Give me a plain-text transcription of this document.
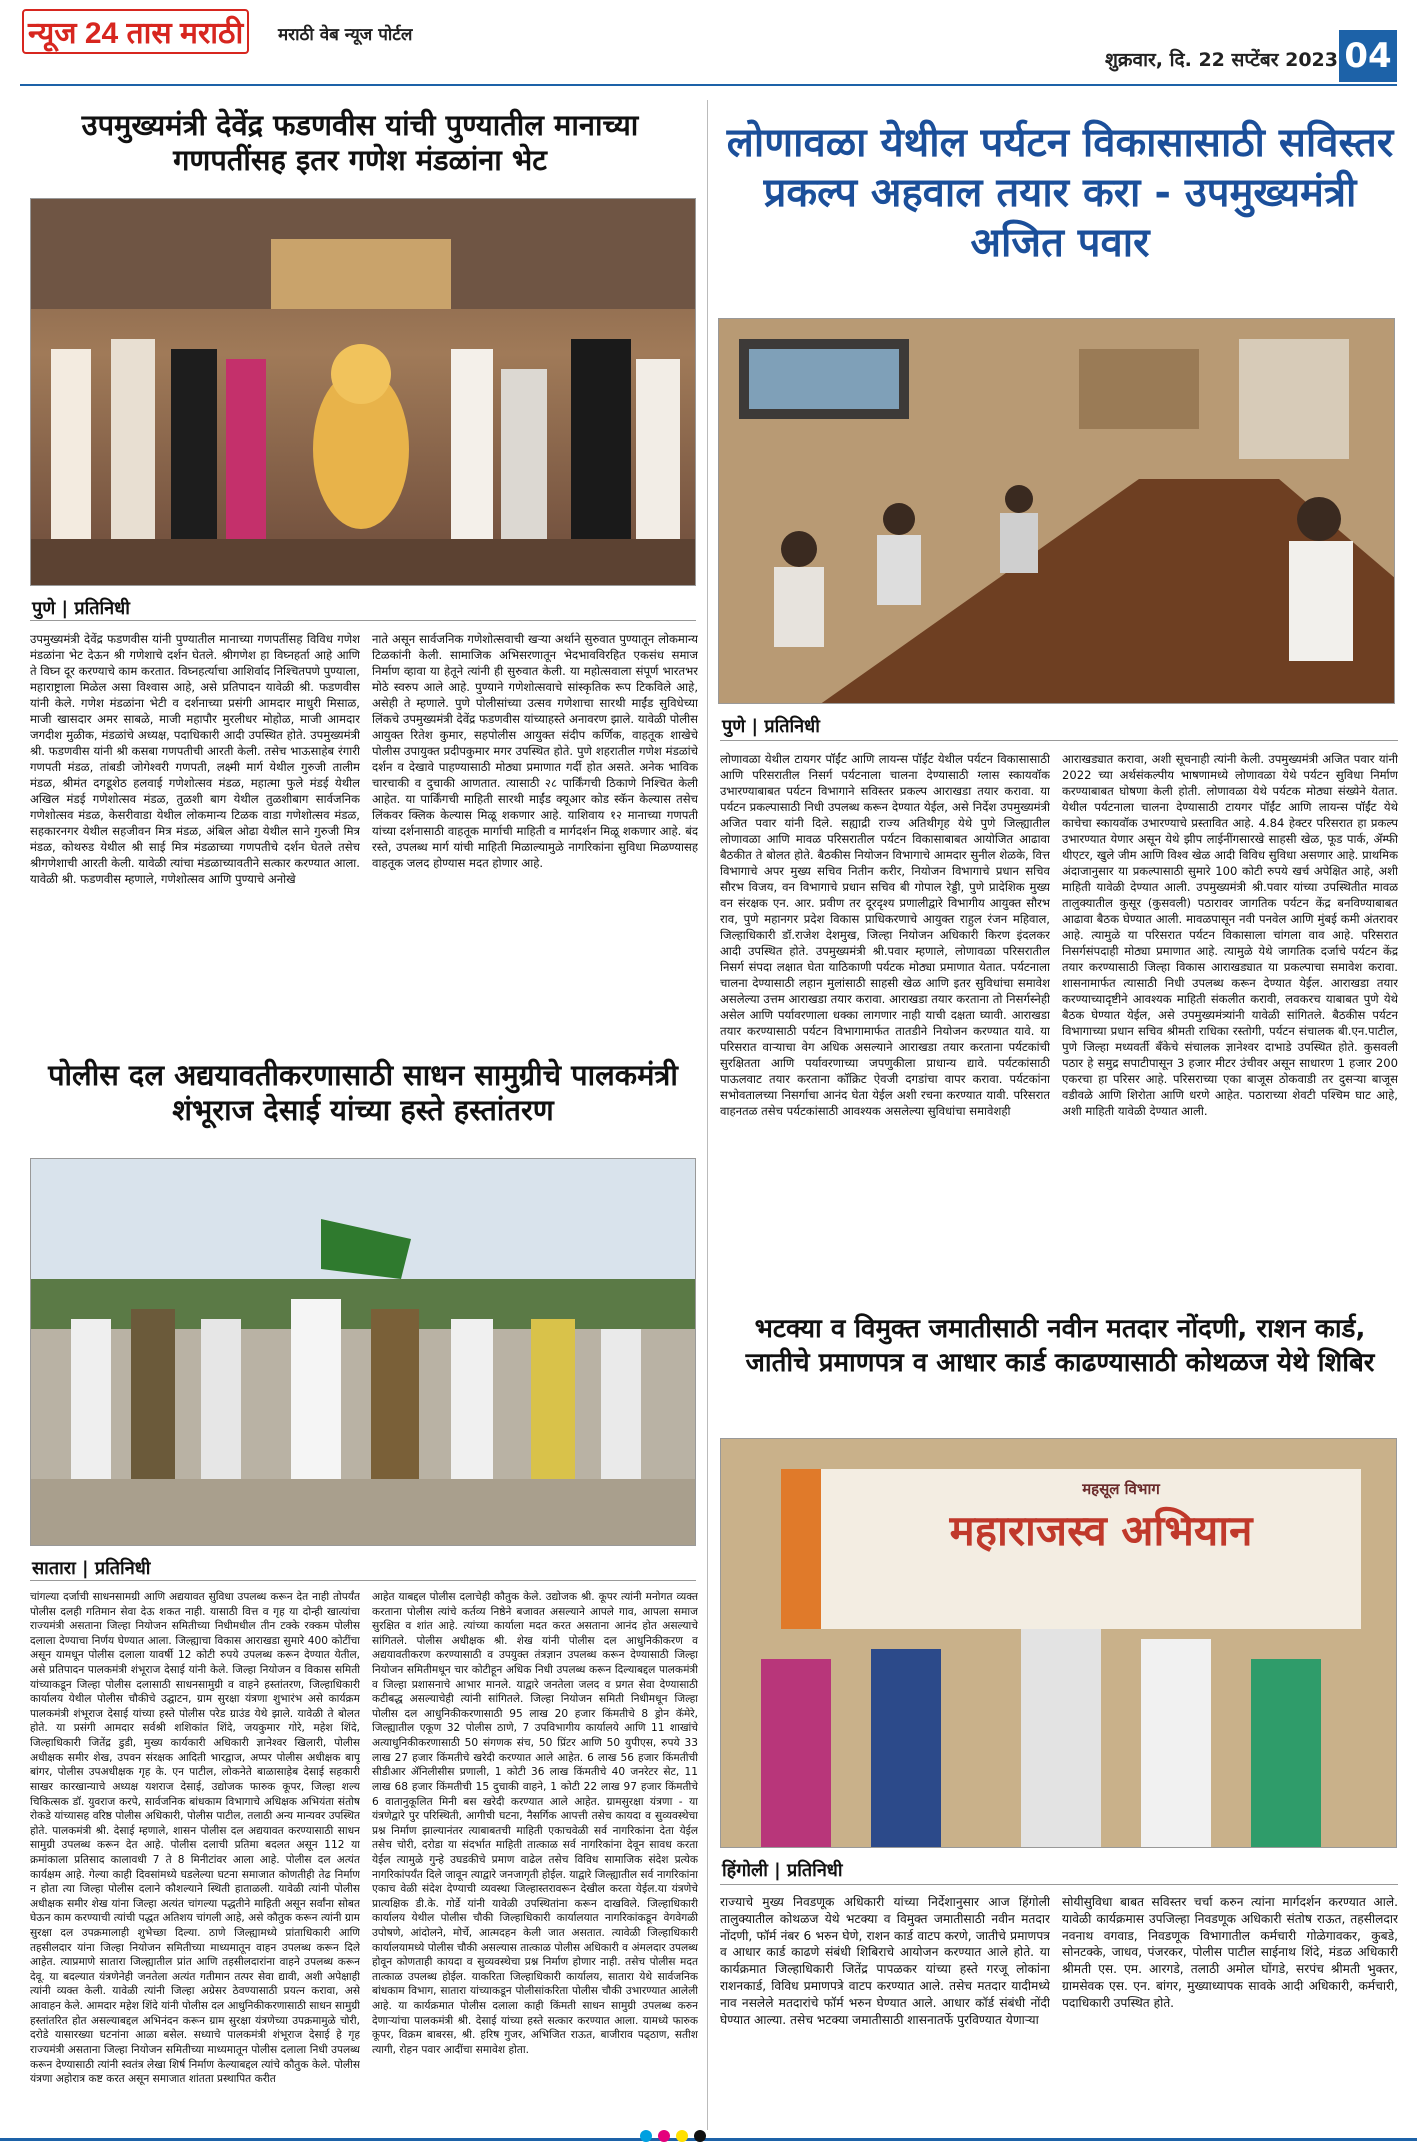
न्यूज 24 तास मराठी	मराठी वेब न्यूज पोर्टल
शुक्रवार, दि. 22 सप्टेंबर 2023 04
उपमुख्यमंत्री देवेंद्र फडणवीस यांची पुण्यातील मानाच्या गणपतींसह इतर गणेश मंडळांना भेट
पुणे | प्रतिनिधी
उपमुख्यमंत्री देवेंद्र फडणवीस यांनी पुण्यातील मानाच्या गणपतींसह विविध गणेश मंडळांना भेट देऊन श्री गणेशाचे दर्शन घेतले. श्रीगणेश हा विघ्नहर्ता आहे आणि ते विघ्न दूर करण्याचे काम करतात. विघ्नहर्त्याचा आशिर्वाद निश्चितपणे पुण्याला, महाराष्ट्राला मिळेल असा विश्वास आहे, असे प्रतिपादन यावेळी श्री. फडणवीस यांनी केले. गणेश मंडळांना भेटी व दर्शनाच्या प्रसंगी आमदार माधुरी मिसाळ, माजी खासदार अमर साबळे, माजी महापौर मुरलीधर मोहोळ, माजी आमदार जगदीश मुळीक, मंडळांचे अध्यक्ष, पदाधिकारी आदी उपस्थित होते. उपमुख्यमंत्री श्री. फडणवीस यांनी श्री कसबा गणपतीची आरती केली. तसेच भाऊसाहेब रंगारी गणपती मंडळ, तांबडी जोगेश्वरी गणपती, लक्ष्मी मार्ग येथील गुरुजी तालीम मंडळ, श्रीमंत दगडूशेठ हलवाई गणेशोत्सव मंडळ, महात्मा फुले मंडई येथील अखिल मंडई गणेशोत्सव मंडळ, तुळशी बाग येथील तुळशीबाग सार्वजनिक गणेशोत्सव मंडळ, केसरीवाडा येथील लोकमान्य टिळक वाडा गणेशोत्सव मंडळ, सहकारनगर येथील सहजीवन मित्र मंडळ, अंबिल ओढा येथील साने गुरुजी मित्र मंडळ, कोथरुड येथील श्री साई मित्र मंडळाच्या गणपतीचे दर्शन घेतले तसेच श्रीगणेशाची आरती केली. यावेळी त्यांचा मंडळाच्यावतीने सत्कार करण्यात आला. यावेळी श्री. फडणवीस म्हणाले, गणेशोत्सव आणि पुण्याचे अनोखे
नाते असून सार्वजनिक गणेशोत्सवाची खऱ्या अर्थाने सुरुवात पुण्यातून लोकमान्य टिळकांनी केली. सामाजिक अभिसरणातून भेदभावविरहित एकसंध समाज निर्माण व्हावा या हेतूने त्यांनी ही सुरुवात केली. या महोत्सवाला संपूर्ण भारतभर मोठे स्वरुप आले आहे. पुण्याने गणेशोत्सवाचे सांस्कृतिक रूप टिकविले आहे, असेही ते म्हणाले. पुणे पोलीसांच्या उत्सव गणेशाचा सारथी माईंड सुविधेच्या लिंकचे उपमुख्यमंत्री देवेंद्र फडणवीस यांच्याहस्ते अनावरण झाले. यावेळी पोलीस आयुक्त रितेश कुमार, सहपोलीस आयुक्त संदीप कर्णिक, वाहतूक शाखेचे पोलीस उपायुक्त प्रदीपकुमार मगर उपस्थित होते. पुणे शहरातील गणेश मंडळांचे दर्शन व देखावे पाहण्यासाठी मोठ्या प्रमाणात गर्दी होत असते. अनेक भाविक चारचाकी व दुचाकी आणतात. त्यासाठी २८ पार्किंगची ठिकाणे निश्चित केली आहेत. या पार्किंगची माहिती सारथी माईंड क्यूआर कोड स्कॅन केल्यास तसेच लिंकवर क्लिक केल्यास मिळू शकणार आहे. याशिवाय १२ मानाच्या गणपती यांच्या दर्शनासाठी वाहतूक मार्गाची माहिती व मार्गदर्शन मिळू शकणार आहे. बंद रस्ते, उपलब्ध मार्ग यांची माहिती मिळाल्यामुळे नागरिकांना सुविधा मिळण्यासह वाहतूक जलद होण्यास मदत होणार आहे.
लोणावळा येथील पर्यटन विकासासाठी सविस्तर प्रकल्प अहवाल तयार करा - उपमुख्यमंत्री अजित पवार
पुणे | प्रतिनिधी
लोणावळा येथील टायगर पॉईंट आणि लायन्स पॉईंट येथील पर्यटन विकासासाठी आणि परिसरातील निसर्ग पर्यटनाला चालना देण्यासाठी ग्लास स्कायवॉक उभारण्याबाबत पर्यटन विभागाने सविस्तर प्रकल्प आराखडा तयार करावा. या पर्यटन प्रकल्पासाठी निधी उपलब्ध करून देण्यात येईल, असे निर्देश उपमुख्यमंत्री अजित पवार यांनी दिले. सह्याद्री राज्य अतिथीगृह येथे पुणे जिल्ह्यातील लोणावळा आणि मावळ परिसरातील पर्यटन विकासाबाबत आयोजित आढावा बैठकीत ते बोलत होते. बैठकीस नियोजन विभागाचे आमदार सुनील शेळके, वित्त विभागाचे अपर मुख्य सचिव नितीन करीर, नियोजन विभागाचे प्रधान सचिव सौरभ विजय, वन विभागाचे प्रधान सचिव बी गोपाल रेड्डी, पुणे प्रादेशिक मुख्य वन संरक्षक एन. आर. प्रवीण तर दूरदृश्य प्रणालीद्वारे विभागीय आयुक्त सौरभ राव, पुणे महानगर प्रदेश विकास प्राधिकरणाचे आयुक्त राहुल रंजन महिवाल, जिल्हाधिकारी डॉ.राजेश देशमुख, जिल्हा नियोजन अधिकारी किरण इंदलकर आदी उपस्थित होते. उपमुख्यमंत्री श्री.पवार म्हणाले, लोणावळा परिसरातील निसर्ग संपदा लक्षात घेता याठिकाणी पर्यटक मोठ्या प्रमाणात येतात. पर्यटनाला चालना देण्यासाठी लहान मुलांसाठी साहसी खेळ आणि इतर सुविधांचा समावेश असलेल्या उत्तम आराखडा तयार करावा. आराखडा तयार करताना तो निसर्गस्नेही असेल आणि पर्यावरणाला धक्का लागणार नाही याची दक्षता घ्यावी. आराखडा तयार करण्यासाठी पर्यटन विभागामार्फत तातडीने नियोजन करण्यात यावे. या परिसरात वाऱ्याचा वेग अधिक असल्याने आराखडा तयार करताना पर्यटकांची सुरक्षितता आणि पर्यावरणाच्या जपणुकीला प्राधान्य द्यावे. पर्यटकांसाठी पाऊलवाट तयार करताना कॉक्रिट ऐवजी दगडांचा वापर करावा. पर्यटकांना सभोवतालच्या निसर्गाचा आनंद घेता येईल अशी रचना करण्यात यावी. परिसरात वाहनतळ तसेच पर्यटकांसाठी आवश्यक असलेल्या सुविधांचा समावेशही
आराखड्यात करावा, अशी सूचनाही त्यांनी केली. उपमुख्यमंत्री अजित पवार यांनी 2022 च्या अर्थसंकल्पीय भाषणामध्ये लोणावळा येथे पर्यटन सुविधा निर्माण करण्याबाबत घोषणा केली होती. लोणावळा येथे पर्यटक मोठ्या संख्येने येतात. येथील पर्यटनाला चालना देण्यासाठी टायगर पॉईंट आणि लायन्स पॉईंट येथे काचेचा स्कायवॉक उभारण्याचे प्रस्तावित आहे. 4.84 हेक्टर परिसरात हा प्रकल्प उभारण्यात येणार असून येथे झीप लाईनींगसारखे साहसी खेळ, फूड पार्क, ॲम्फी थीएटर, खुले जीम आणि विश्व खेळ आदी विविध सुविधा असणार आहे. प्राथमिक अंदाजानुसार या प्रकल्पासाठी सुमारे 100 कोटी रुपये खर्च अपेक्षित आहे, अशी माहिती यावेळी देण्यात आली. उपमुख्यमंत्री श्री.पवार यांच्या उपस्थितीत मावळ तालुक्यातील कुसूर (कुसवली) पठारावर जागतिक पर्यटन केंद्र बनविण्याबाबत आढावा बैठक घेण्यात आली. मावळपासून नवी पनवेल आणि मुंबई कमी अंतरावर आहे. त्यामुळे या परिसरात पर्यटन विकासाला चांगला वाव आहे. परिसरात निसर्गसंपदाही मोठ्या प्रमाणात आहे. त्यामुळे येथे जागतिक दर्जाचे पर्यटन केंद्र तयार करण्यासाठी जिल्हा विकास आराखड्यात या प्रकल्पाचा समावेश करावा. शासनामार्फत त्यासाठी निधी उपलब्ध करून देण्यात येईल. आराखडा तयार करण्याच्यादृष्टीने आवश्यक माहिती संकलीत करावी, लवकरच याबाबत पुणे येथे बैठक घेण्यात येईल, असे उपमुख्यमंत्र्यांनी यावेळी सांगितले. बैठकीस पर्यटन विभागाच्या प्रधान सचिव श्रीमती राधिका रस्तोगी, पर्यटन संचालक बी.एन.पाटील, पुणे जिल्हा मध्यवर्ती बँकेचे संचालक ज्ञानेश्वर दाभाडे उपस्थित होते. कुसवली पठार हे समुद्र सपाटीपासून 3 हजार मीटर उंचीवर असून साधारण 1 हजार 200 एकरचा हा परिसर आहे. परिसराच्या एका बाजूस ठोकवाडी तर दुसऱ्या बाजूस वडीवळे आणि शिरोता आणि धरणे आहेत. पठाराच्या शेवटी पश्चिम घाट आहे, अशी माहिती यावेळी देण्यात आली.
पोलीस दल अद्ययावतीकरणासाठी साधन सामुग्रीचे पालकमंत्री शंभूराज देसाई यांच्या हस्ते हस्तांतरण
सातारा | प्रतिनिधी
चांगल्या दर्जाची साधनसामग्री आणि अद्ययावत सुविधा उपलब्ध करून देत नाही तोपर्यंत पोलीस दलही गतिमान सेवा देऊ शकत नाही. यासाठी वित्त व गृह या दोन्ही खात्यांचा राज्यमंत्री असताना जिल्हा नियोजन समितीच्या निधीमधील तीन टक्के रक्कम पोलीस दलाला देण्याचा निर्णय घेण्यात आला. जिल्ह्याचा विकास आराखडा सुमारे 400 कोटींचा असून यामधून पोलीस दलाला यावर्षी 12 कोटी रुपये उपलब्ध करून देण्यात येतील, असे प्रतिपादन पालकमंत्री शंभूराज देसाई यांनी केले. जिल्हा नियोजन व विकास समिती यांच्याकडून जिल्हा पोलीस दलासाठी साधनसामुग्री व वाहने हस्तांतरण, जिल्हाधिकारी कार्यालय येथील पोलीस चौकीचे उद्घाटन, ग्राम सुरक्षा यंत्रणा शुभारंभ असे कार्यक्रम पालकमंत्री शंभूराज देसाई यांच्या हस्ते पोलीस परेड ग्राउंड येथे झाले. यावेळी ते बोलत होते. या प्रसंगी आमदार सर्वश्री शशिकांत शिंदे, जयकुमार गोरे, महेश शिंदे, जिल्हाधिकारी जितेंद्र डुडी, मुख्य कार्यकारी अधिकारी ज्ञानेश्वर खिलारी, पोलीस अधीक्षक समीर शेख, उपवन संरक्षक आदिती भारद्वाज, अप्पर पोलीस अधीक्षक बापू बांगर, पोलीस उपअधीक्षक गृह के. एन पाटील, लोकनेते बाळासाहेब देसाई सहकारी साखर कारखान्याचे अध्यक्ष यशराज देसाई, उद्योजक फारुक कूपर, जिल्हा शल्य चिकित्सक डॉ. युवराज करपे, सार्वजनिक बांधकाम विभागाचे अधिक्षक अभियंता संतोष रोकडे यांच्यासह वरिष्ठ पोलीस अधिकारी, पोलीस पाटील, तलाठी अन्य मान्यवर उपस्थित होते. पालकमंत्री श्री. देसाई म्हणाले, शासन पोलीस दल अद्ययावत करण्यासाठी साधन सामुग्री उपलब्ध करून देत आहे. पोलीस दलाची प्रतिमा बदलत असून 112 या क्रमांकाला प्रतिसाद कालावधी 7 ते 8 मिनीटांवर आला आहे. पोलीस दल अत्यंत कार्यक्षम आहे. गेल्या काही दिवसांमध्ये घडलेल्या घटना समाजात कोणतीही तेढ निर्माण न होता त्या जिल्हा पोलीस दलाने कौशल्याने स्थिती हाताळली. यावेळी त्यांनी पोलीस अधीक्षक समीर शेख यांना जिल्हा अत्यंत चांगल्या पद्धतीने माहिती असून सर्वांना सोबत घेऊन काम करण्याची त्यांची पद्धत अतिशय चांगली आहे, असे कौतुक करून त्यांनी ग्राम सुरक्षा दल उपक्रमालाही शुभेच्छा दिल्या. ठाणे जिल्ह्यामध्ये प्रांताधिकारी आणि तहसीलदार यांना जिल्हा नियोजन समितीच्या माध्यमातून वाहन उपलब्ध करून दिले आहेत. त्याप्रमाणे सातारा जिल्ह्यातील प्रांत आणि तहसीलदारांना वाहने उपलब्ध करून देवू. या बदल्यात यंत्रणेनेही जनतेला अत्यंत गतीमान तत्पर सेवा द्यावी, अशी अपेक्षाही त्यांनी व्यक्त केली. यावेळी त्यांनी जिल्हा अग्रेसर ठेवण्यासाठी प्रयत्न करावा, असे आवाहन केले. आमदार महेश शिंदे यांनी पोलीस दल आधुनिकीकरणासाठी साधन सामुग्री हस्तांतरित होत असल्याबद्दल अभिनंदन करून ग्राम सुरक्षा यंत्रणेच्या उपक्रमामुळे चोरी, दरोडे यासारख्या घटनांना आळा बसेल. सध्याचे पालकमंत्री शंभूराज देसाई हे गृह राज्यमंत्री असताना जिल्हा नियोजन समितीच्या माध्यमातून पोलीस दलाला निधी उपलब्ध करून देण्यासाठी त्यांनी स्वतंत्र लेखा शिर्ष निर्माण केल्याबद्दल त्यांचे कौतुक केले. पोलीस यंत्रणा अहोरात्र कष्ट करत असून समाजात शांतता प्रस्थापित करीत
आहेत याबद्दल पोलीस दलाचेही कौतुक केले. उद्योजक श्री. कूपर त्यांनी मनोगत व्यक्त करताना पोलीस त्यांचे कर्तव्य निष्ठेने बजावत असल्याने आपले गाव, आपला समाज सुरक्षित व शांत आहे. त्यांच्या कार्याला मदत करत असताना आनंद होत असल्याचे सांगितले. पोलीस अधीक्षक श्री. शेख यांनी पोलीस दल आधुनिकीकरण व अद्ययावतीकरण करण्यासाठी व उपयुक्त तंत्रज्ञान उपलब्ध करून देण्यासाठी जिल्हा नियोजन समितीमधून चार कोटीहून अधिक निधी उपलब्ध करून दिल्याबद्दल पालकमंत्री व जिल्हा प्रशासनाचे आभार मानले. याद्वारे जनतेला जलद व प्रगत सेवा देण्यासाठी कटीबद्ध असल्याचेही त्यांनी सांगितले. जिल्हा नियोजन समिती निधीमधून जिल्हा पोलीस दल आधुनिकीकरणासाठी 95 लाख 20 हजार किंमतीचे 8 ड्रोन कॅमेरे, जिल्ह्यातील एकूण 32 पोलीस ठाणे, 7 उपविभागीय कार्यालये आणि 11 शाखांचे अत्याधुनिकीकरणासाठी 50 संगणक संच, 50 प्रिंटर आणि 50 युपीएस, रुपये 33 लाख 27 हजार किंमतीचे खरेदी करण्यात आले आहेत. 6 लाख 56 हजार किंमतीची सीडीआर ॲनिलीसीस प्रणाली, 1 कोटी 36 लाख किंमतीचे 40 जनरेटर सेट, 11 लाख 68 हजार किंमतीची 15 दुचाकी वाहने, 1 कोटी 22 लाख 97 हजार किंमतीचे 6 वातानुकूलित मिनी बस खरेदी करण्यात आले आहेत. ग्रामसुरक्षा यंत्रणा - या यंत्रणेद्वारे पुर परिस्थिती, आगीची घटना, नैसर्गिक आपत्ती तसेच कायदा व सुव्यवस्थेचा प्रश्न निर्माण झाल्यानंतर त्याबाबतची माहिती एकाचवेळी सर्व नागरिकांना देता येईल तसेच चोरी, दरोडा या संदर्भात माहिती तात्काळ सर्व नागरिकांना देवून सावध करता येईल त्यामुळे गुन्हे उघडकीचे प्रमाण वाढेल तसेच विविध सामाजिक संदेश प्रत्येक नागरिकांपर्यंत दिले जावून त्याद्वारे जनजागृती होईल. याद्वारे जिल्ह्यातील सर्व नागरिकांना एकाच वेळी संदेश देण्याची व्यवस्था जिल्हास्तरावरून देखील करता येईल.या यंत्रणेचे प्रात्यक्षिक डी.के. गोर्डे यांनी यावेळी उपस्थितांना करून दाखविले. जिल्हाधिकारी कार्यालय येथील पोलीस चौकी जिल्हाधिकारी कार्यालयात नागरिकांकडून वेगवेगळी उपोषणे, आंदोलने, मोर्चे, आत्मदहन केली जात असतात. त्यावेळी जिल्हाधिकारी कार्यालयामध्ये पोलीस चौकी असल्यास तात्काळ पोलीस अधिकारी व अंमलदार उपलब्ध होवून कोणताही कायदा व सुव्यवस्थेचा प्रश्न निर्माण होणार नाही. तसेच पोलीस मदत तात्काळ उपलब्ध होईल. याकरिता जिल्हाधिकारी कार्यालय, सातारा येथे सार्वजनिक बांधकाम विभाग, सातारा यांच्याकडून पोलीसांकरिता पोलीस चौकी उभारण्यात आलेली आहे. या कार्यक्रमात पोलीस दलाला काही किंमती साधन सामुग्री उपलब्ध करुन देणाऱ्यांचा पालकमंत्री श्री. देसाई यांच्या हस्ते सत्कार करण्यात आला. यामध्ये फारुक कूपर, विक्रम बाबरस, श्री. हरिष गुजर, अभिजित राऊत, बाजीराव पढ्ठाण, सतीश त्यागी, रोहन पवार आदींचा समावेश होता.
भटक्या व विमुक्त जमातीसाठी नवीन मतदार नोंदणी, राशन कार्ड, जातीचे प्रमाणपत्र व आधार कार्ड काढण्यासाठी कोथळज येथे शिबिर
महसूल विभाग
महाराजस्व अभियान
हिंगोली | प्रतिनिधी
राज्याचे मुख्य निवडणूक अधिकारी यांच्या निर्देशानुसार आज हिंगोली तालुक्यातील कोथळज येथे भटक्या व विमुक्त जमातीसाठी नवीन मतदार नोंदणी, फॉर्म नंबर 6 भरुन घेणे, राशन कार्ड वाटप करणे, जातीचे प्रमाणपत्र व आधार कार्ड काढणे संबंधी शिबिराचे आयोजन करण्यात आले होते. या कार्यक्रमात जिल्हाधिकारी जितेंद्र पापळकर यांच्या हस्ते गरजू लोकांना राशनकार्ड, विविध प्रमाणपत्रे वाटप करण्यात आले. तसेच मतदार यादीमध्ये नाव नसलेले मतदारांचे फॉर्म भरुन घेण्यात आले. आधार कॉर्ड संबंधी नोंदी घेण्यात आल्या. तसेच भटक्या जमातीसाठी शासनातर्फे पुरविण्यात येणाऱ्या
सोयीसुविधा बाबत सविस्तर चर्चा करुन त्यांना मार्गदर्शन करण्यात आले. यावेळी कार्यक्रमास उपजिल्हा निवडणूक अधिकारी संतोष राऊत, तहसीलदार नवनाथ वगवाड, निवडणूक विभागातील कर्मचारी गोळेगावकर, कुबडे, सोनटक्के, जाधव, पंजरकर, पोलीस पाटील साईनाथ शिंदे, मंडळ अधिकारी श्रीमती एस. एम. आरगडे, तलाठी अमोल घोंगडे, सरपंच श्रीमती भुक्तर, ग्रामसेवक एस. एन. बांगर, मुख्याध्यापक सावके आदी अधिकारी, कर्मचारी, पदाधिकारी उपस्थित होते.
